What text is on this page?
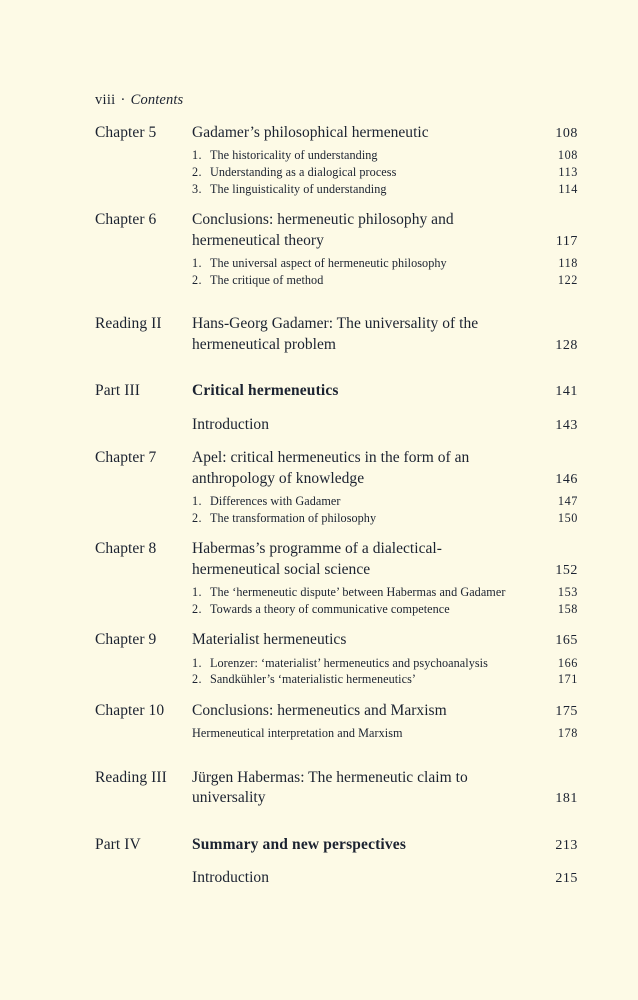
viii · Contents
Chapter 5	Gadamer’s philosophical hermeneutic	108
1. The historicality of understanding	108
2. Understanding as a dialogical process	113
3. The linguisticality of understanding	114
Chapter 6	Conclusions: hermeneutic philosophy and hermeneutical theory	117
1. The universal aspect of hermeneutic philosophy	118
2. The critique of method	122
Reading II	Hans-Georg Gadamer: The universality of the hermeneutical problem	128
Part III	Critical hermeneutics	141
Introduction	143
Chapter 7	Apel: critical hermeneutics in the form of an anthropology of knowledge	146
1. Differences with Gadamer	147
2. The transformation of philosophy	150
Chapter 8	Habermas’s programme of a dialectical-hermeneutical social science	152
1. The ‘hermeneutic dispute’ between Habermas and Gadamer	153
2. Towards a theory of communicative competence	158
Chapter 9	Materialist hermeneutics	165
1. Lorenzer: ‘materialist’ hermeneutics and psychoanalysis	166
2. Sandkühler’s ‘materialistic hermeneutics’	171
Chapter 10	Conclusions: hermeneutics and Marxism	175
Hermeneutical interpretation and Marxism	178
Reading III	Jürgen Habermas: The hermeneutic claim to universality	181
Part IV	Summary and new perspectives	213
Introduction	215
